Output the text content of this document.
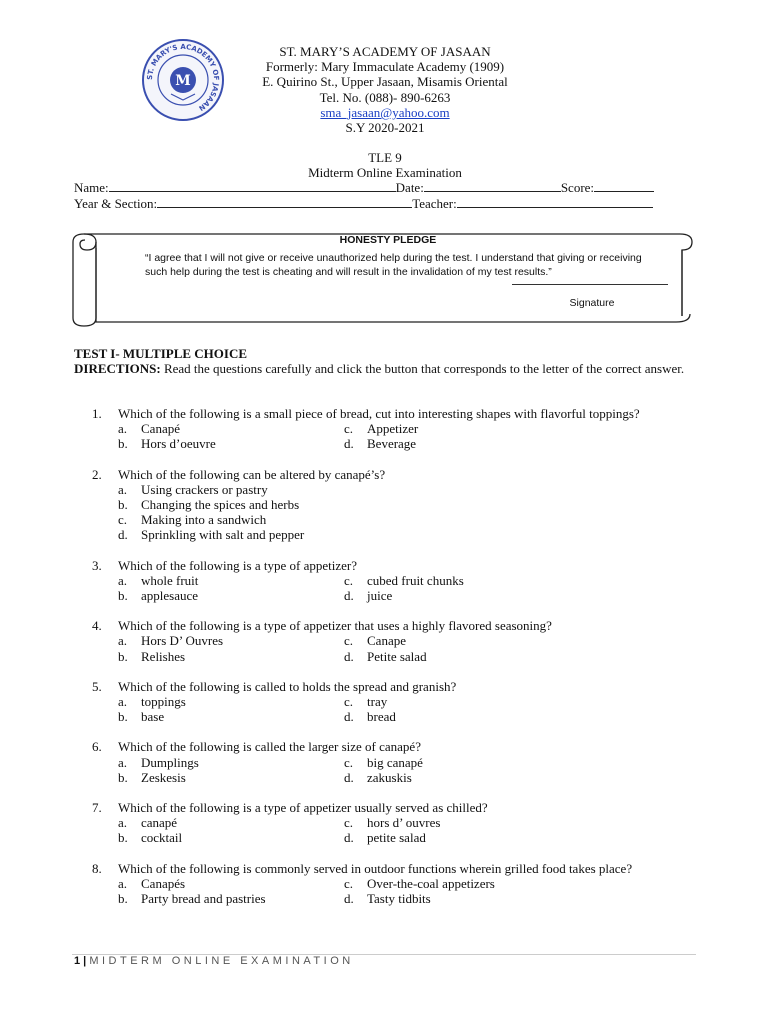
ST. MARY'S ACADEMY OF JASAAN
M
ST. MARY’S ACADEMY OF JASAAN
Formerly: Mary Immaculate Academy (1909)
E. Quirino St., Upper Jasaan, Misamis Oriental
Tel. No. (088)- 890-6263
sma_jasaan@yahoo.com
S.Y 2020-2021
TLE 9
Midterm Online Examination
Name:	Date:	Score:
Year & Section:	Teacher:
HONESTY PLEDGE
“I agree that I will not give or receive unauthorized help during the test. I understand that giving or receiving such help during the test is cheating and will result in the invalidation of my test results.”
Signature
TEST I- MULTIPLE CHOICE
DIRECTIONS: Read the questions carefully and click the button that corresponds to the letter of the correct answer.
1.	Which of the following is a small piece of bread, cut into interesting shapes with flavorful toppings?
a.	Canapé	c.	Appetizer
b.	Hors d’oeuvre	d.	Beverage
2.	Which of the following can be altered by canapé’s?
a.	Using crackers or pastry
b.	Changing the spices and herbs
c.	Making into a sandwich
d.	Sprinkling with salt and pepper
3.	Which of the following is a type of appetizer?
a.	whole fruit	c.	cubed fruit chunks
b.	applesauce	d.	juice
4.	Which of the following is a type of appetizer that uses a highly flavored seasoning?
a.	Hors D’ Ouvres	c.	Canape
b.	Relishes	d.	Petite salad
5.	Which of the following is called to holds the spread and granish?
a.	toppings	c.	tray
b.	base	d.	bread
6.	Which of the following is called the larger size of canapé?
a.	Dumplings	c.	big canapé
b.	Zeskesis	d.	zakuskis
7.	Which of the following is a type of appetizer usually served as chilled?
a.	canapé	c.	hors d’ ouvres
b.	cocktail	d.	petite salad
8.	Which of the following is commonly served in outdoor functions wherein grilled food takes place?
a.	Canapés	c.	Over-the-coal appetizers
b.	Party bread and pastries	d.	Tasty tidbits
1 | MIDTERM ONLINE EXAMINATION
